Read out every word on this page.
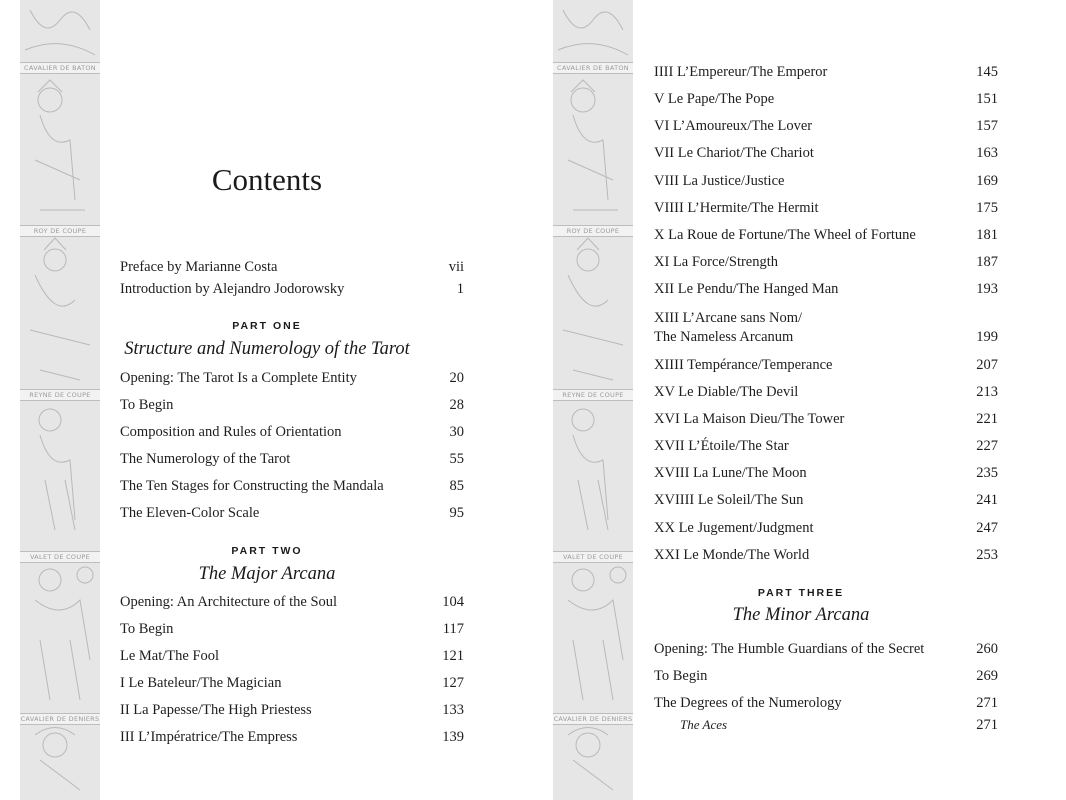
CAVALIER DE BATON
ROY DE COUPE
REYNE DE COUPE
VALET DE COUPE
CAVALIER DE DENIERS
CAVALIER DE BATON
ROY DE COUPE
REYNE DE COUPE
VALET DE COUPE
CAVALIER DE DENIERS
Contents
Preface by Marianne Costa	vii
Introduction by Alejandro Jodorowsky	1
PART ONE
Structure and Numerology of the Tarot
Opening: The Tarot Is a Complete Entity	20
To Begin	28
Composition and Rules of Orientation	30
The Numerology of the Tarot	55
The Ten Stages for Constructing the Mandala	85
The Eleven-Color Scale	95
PART TWO
The Major Arcana
Opening: An Architecture of the Soul	104
To Begin	117
Le Mat/The Fool	121
I Le Bateleur/The Magician	127
II La Papesse/The High Priestess	133
III L’Impératrice/The Empress	139
IIII L’Empereur/The Emperor	145
V Le Pape/The Pope	151
VI L’Amoureux/The Lover	157
VII Le Chariot/The Chariot	163
VIII La Justice/Justice	169
VIIII L’Hermite/The Hermit	175
X La Roue de Fortune/The Wheel of Fortune	181
XI La Force/Strength	187
XII Le Pendu/The Hanged Man	193
XIII L’Arcane sans Nom/
The Nameless Arcanum	199
XIIII Tempérance/Temperance	207
XV Le Diable/The Devil	213
XVI La Maison Dieu/The Tower	221
XVII L’Étoile/The Star	227
XVIII La Lune/The Moon	235
XVIIII Le Soleil/The Sun	241
XX Le Jugement/Judgment	247
XXI Le Monde/The World	253
PART THREE
The Minor Arcana
Opening: The Humble Guardians of the Secret	260
To Begin	269
The Degrees of the Numerology	271
The Aces	271
